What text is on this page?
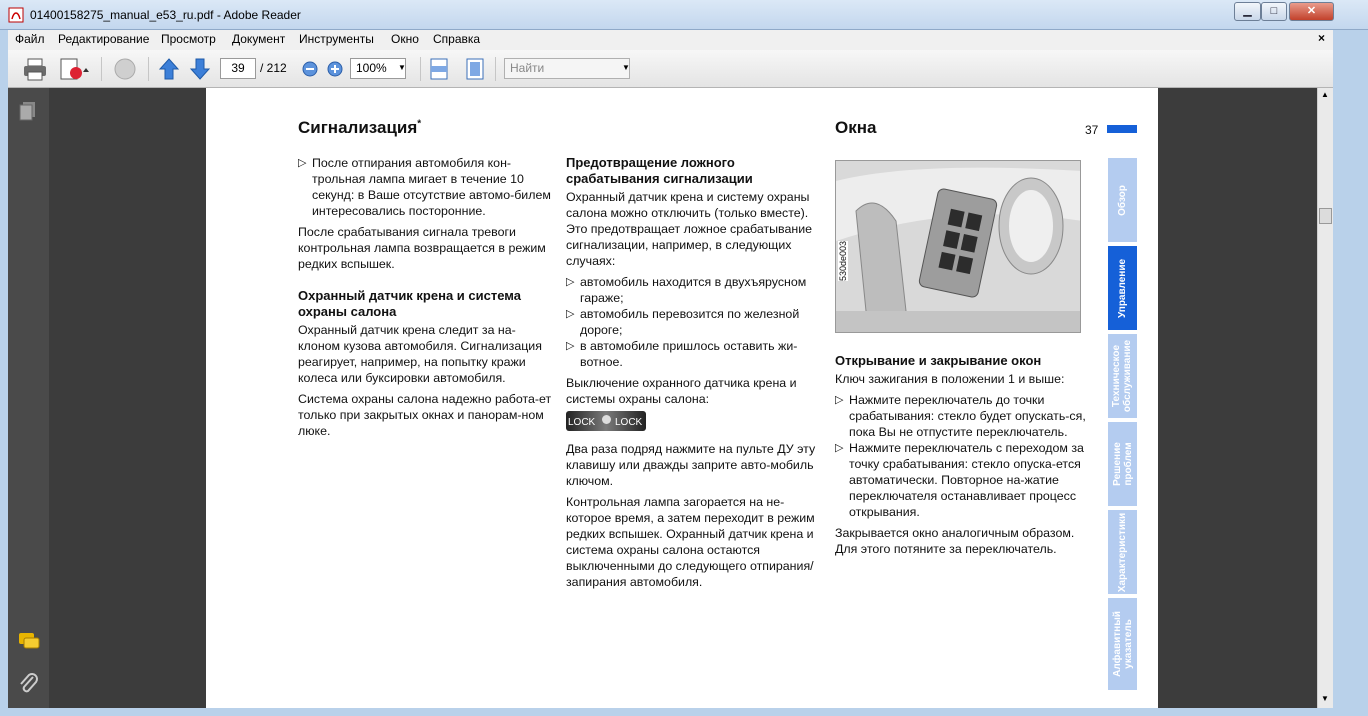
01400158275_manual_e53_ru.pdf - Adobe Reader	▁	□	✕
Файл Редактирование Просмотр Документ Инструменты Окно Справка	×
39	/ 212	100%	▼	Найти	▼
Сигнализация*	Окна	37

▷ После отпирания автомобиля кон-трольная лампа мигает в течение 10 секунд: в Ваше отсутствие автомо-билем интересовались посторонние.

После срабатывания сигнала тревоги контрольная лампа возвращается в режим редких вспышек.

Охранный датчик крена и система охраны салона

Охранный датчик крена следит за на-клоном кузова автомобиля. Сигнализация реагирует, например, на попытку кражи колеса или буксировки автомобиля.

Система охраны салона надежно работа-ет только при закрытых окнах и панорам-ном люке.

Предотвращение ложного срабатывания сигнализации

Охранный датчик крена и систему охраны салона можно отключить (только вместе). Это предотвращает ложное срабатывание сигнализации, например, в следующих случаях:

▷ автомобиль находится в двухъярусном гараже;

▷ автомобиль перевозится по железной дороге;

▷ в автомобиле пришлось оставить жи-вотное.

Выключение охранного датчика крена и системы охраны салона:

LOCK LOCK

Два раза подряд нажмите на пульте ДУ эту клавишу или дважды заприте авто-мобиль ключом.

Контрольная лампа загорается на не-которое время, а затем переходит в режим редких вспышек. Охранный датчик крена и система охраны салона остаются выключенными до следующего отпирания/запирания автомобиля.

530de003
Открывание и закрывание окон

Ключ зажигания в положении 1 и выше:

▷ Нажмите переключатель до точки срабатывания: стекло будет опускать-ся, пока Вы не отпустите переключатель.

▷ Нажмите переключатель с переходом за точку срабатывания: стекло опуска-ется автоматически. Повторное на-жатие переключателя останавливает процесс открывания.

Закрывается окно аналогичным образом. Для этого потяните за переключатель.

Обзор
Управление
Техническое обслуживание
Решение проблем
Характеристики
Алфавитный указатель
▲
▼
